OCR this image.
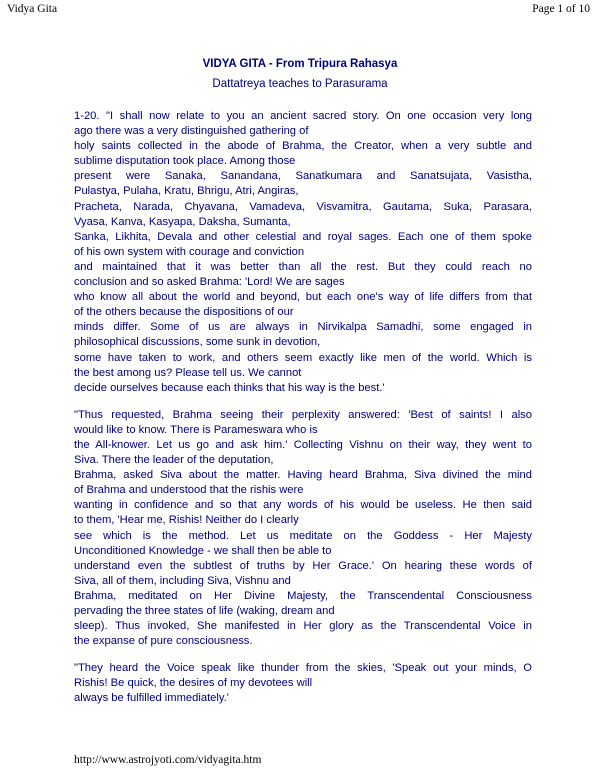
Vidya Gita	Page 1 of 10
VIDYA GITA - From Tripura Rahasya
Dattatreya teaches to Parasurama
1-20. "I shall now relate to you an ancient sacred story. On one occasion very long
ago there was a very distinguished gathering of
holy saints collected in the abode of Brahma, the Creator, when a very subtle and
sublime disputation took place. Among those
present were Sanaka, Sanandana, Sanatkumara and Sanatsujata, Vasistha,
Pulastya, Pulaha, Kratu, Bhrigu, Atri, Angiras,
Pracheta, Narada, Chyavana, Vamadeva, Visvamitra, Gautama, Suka, Parasara,
Vyasa, Kanva, Kasyapa, Daksha, Sumanta,
Sanka, Likhita, Devala and other celestial and royal sages. Each one of them spoke
of his own system with courage and conviction
and maintained that it was better than all the rest. But they could reach no
conclusion and so asked Brahma: 'Lord! We are sages
who know all about the world and beyond, but each one's way of life differs from that
of the others because the dispositions of our
minds differ. Some of us are always in Nirvikalpa Samadhi, some engaged in
philosophical discussions, some sunk in devotion,
some have taken to work, and others seem exactly like men of the world. Which is
the best among us? Please tell us. We cannot
decide ourselves because each thinks that his way is the best.'
"Thus requested, Brahma seeing their perplexity answered: 'Best of saints! I also
would like to know. There is Parameswara who is
the All-knower. Let us go and ask him.' Collecting Vishnu on their way, they went to
Siva. There the leader of the deputation,
Brahma, asked Siva about the matter. Having heard Brahma, Siva divined the mind
of Brahma and understood that the rishis were
wanting in confidence and so that any words of his would be useless. He then said
to them, 'Hear me, Rishis! Neither do I clearly
see which is the method. Let us meditate on the Goddess - Her Majesty
Unconditioned Knowledge - we shall then be able to
understand even the subtlest of truths by Her Grace.' On hearing these words of
Siva, all of them, including Siva, Vishnu and
Brahma, meditated on Her Divine Majesty, the Transcendental Consciousness
pervading the three states of life (waking, dream and
sleep). Thus invoked, She manifested in Her glory as the Transcendental Voice in
the expanse of pure consciousness.
"They heard the Voice speak like thunder from the skies, 'Speak out your minds, O
Rishis! Be quick, the desires of my devotees will
always be fulfilled immediately.'
http://www.astrojyoti.com/vidyagita.htm
